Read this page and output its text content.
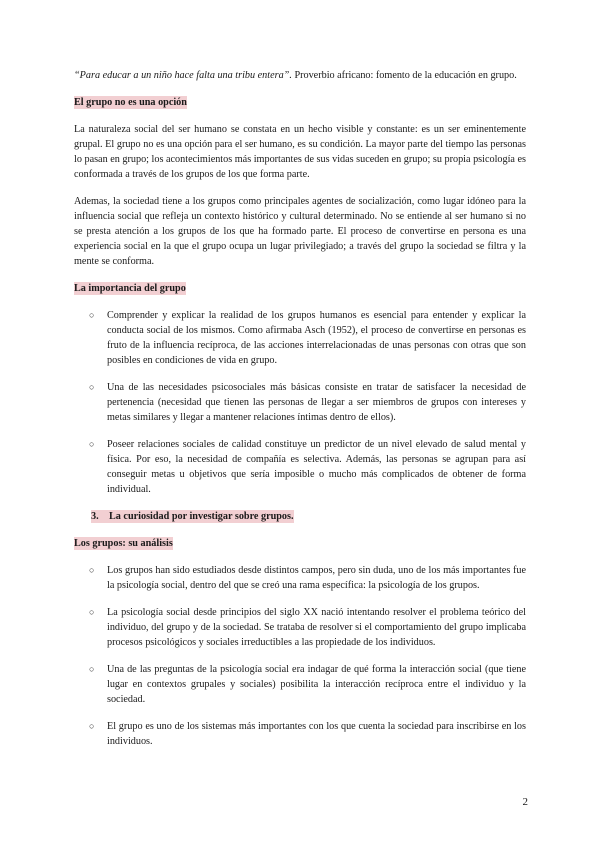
“Para educar a un niño hace falta una tribu entera”. Proverbio africano: fomento de la educación en grupo.

El grupo no es una opción

La naturaleza social del ser humano se constata en un hecho visible y constante: es un ser eminentemente grupal. El grupo no es una opción para el ser humano, es su condición. La mayor parte del tiempo las personas lo pasan en grupo; los acontecimientos más importantes de sus vidas suceden en grupo; su propia psicología es conformada a través de los grupos de los que forma parte.

Ademas, la sociedad tiene a los grupos como principales agentes de socialización, como lugar idóneo para la influencia social que refleja un contexto histórico y cultural determinado. No se entiende al ser humano si no se presta atención a los grupos de los que ha formado parte. El proceso de convertirse en persona es una experiencia social en la que el grupo ocupa un lugar privilegiado; a través del grupo la sociedad se filtra y la mente se conforma.

La importancia del grupo

○ Comprender y explicar la realidad de los grupos humanos es esencial para entender y explicar la conducta social de los mismos. Como afirmaba Asch (1952), el proceso de convertirse en personas es fruto de la influencia recíproca, de las acciones interrelacionadas de unas personas con otras que son posibles en condiciones de vida en grupo.
○ Una de las necesidades psicosociales más básicas consiste en tratar de satisfacer la necesidad de pertenencia (necesidad que tienen las personas de llegar a ser miembros de grupos con intereses y metas similares y llegar a mantener relaciones íntimas dentro de ellos).
○ Poseer relaciones sociales de calidad constituye un predictor de un nivel elevado de salud mental y física. Por eso, la necesidad de compañía es selectiva. Además, las personas se agrupan para así conseguir metas u objetivos que sería imposible o mucho más complicados de obtener de forma individual.

3. La curiosidad por investigar sobre grupos.

Los grupos: su análisis

○ Los grupos han sido estudiados desde distintos campos, pero sin duda, uno de los más importantes fue la psicología social, dentro del que se creó una rama específica: la psicología de los grupos.
○ La psicología social desde principios del siglo XX nació intentando resolver el problema teórico del individuo, del grupo y de la sociedad. Se trataba de resolver si el comportamiento del grupo implicaba procesos psicológicos y sociales irreductibles a las propiedade de los individuos.
○ Una de las preguntas de la psicología social era indagar de qué forma la interacción social (que tiene lugar en contextos grupales y sociales) posibilita la interacción recíproca entre el individuo y la sociedad.
○ El grupo es uno de los sistemas más importantes con los que cuenta la sociedad para inscribirse en los individuos.
2
